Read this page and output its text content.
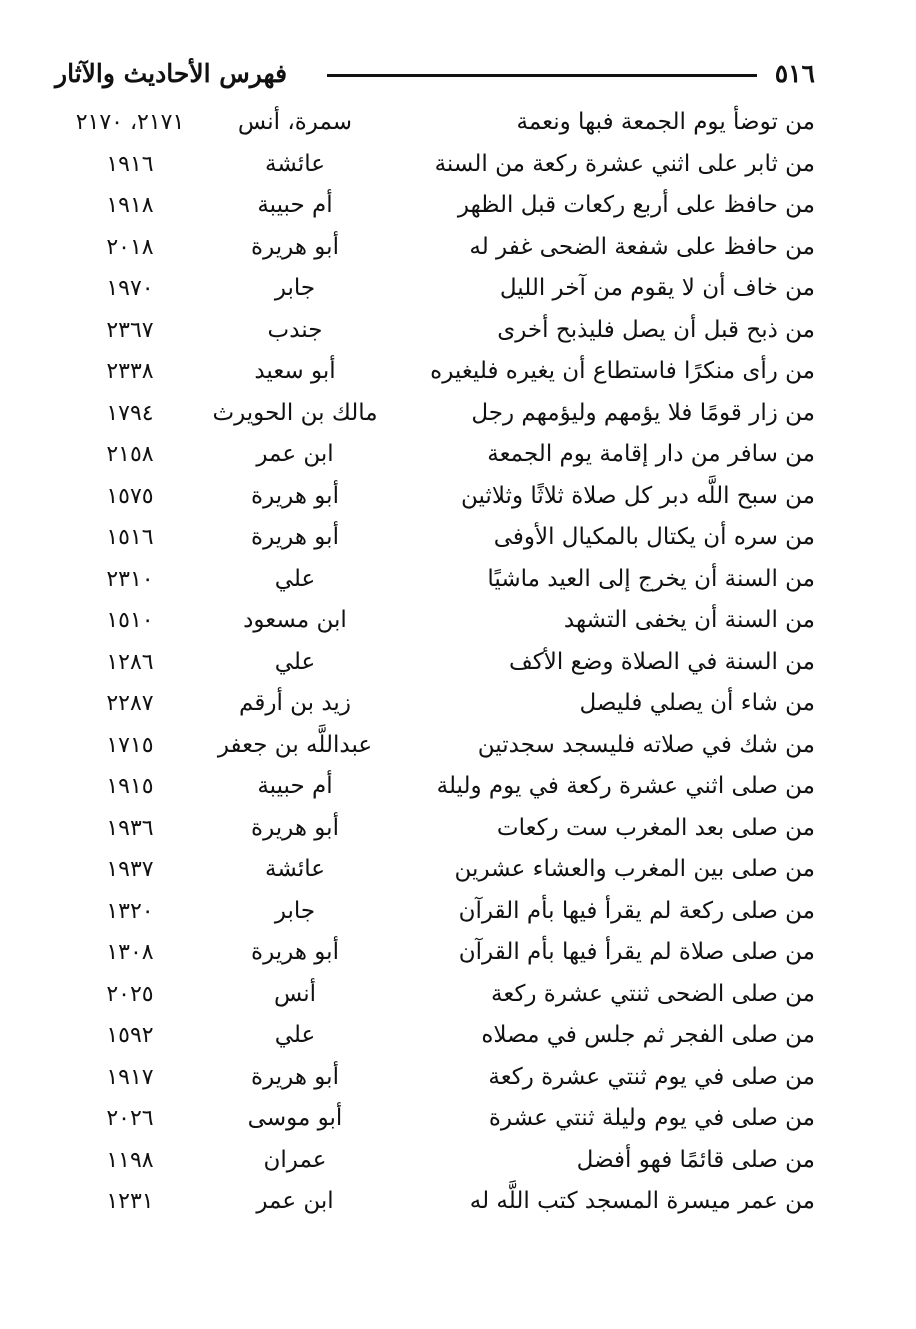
٥١٦
فهرس الأحاديث والآثار
من توضأ يوم الجمعة فبها ونعمة
سمرة، أنس
٢١٧١، ٢١٧٠
من ثابر على اثني عشرة ركعة من السنة
عائشة
١٩١٦
من حافظ على أربع ركعات قبل الظهر
أم حبيبة
١٩١٨
من حافظ على شفعة الضحى غفر له
أبو هريرة
٢٠١٨
من خاف أن لا يقوم من آخر الليل
جابر
١٩٧٠
من ذبح قبل أن يصل فليذبح أخرى
جندب
٢٣٦٧
من رأى منكرًا فاستطاع أن يغيره فليغيره
أبو سعيد
٢٣٣٨
من زار قومًا فلا يؤمهم وليؤمهم رجل
مالك بن الحويرث
١٧٩٤
من سافر من دار إقامة يوم الجمعة
ابن عمر
٢١٥٨
من سبح اللَّه دبر كل صلاة ثلاثًا وثلاثين
أبو هريرة
١٥٧٥
من سره أن يكتال بالمكيال الأوفى
أبو هريرة
١٥١٦
من السنة أن يخرج إلى العيد ماشيًا
علي
٢٣١٠
من السنة أن يخفى التشهد
ابن مسعود
١٥١٠
من السنة في الصلاة وضع الأكف
علي
١٢٨٦
من شاء أن يصلي فليصل
زيد بن أرقم
٢٢٨٧
من شك في صلاته فليسجد سجدتين
عبداللَّه بن جعفر
١٧١٥
من صلى اثني عشرة ركعة في يوم وليلة
أم حبيبة
١٩١٥
من صلى بعد المغرب ست ركعات
أبو هريرة
١٩٣٦
من صلى بين المغرب والعشاء عشرين
عائشة
١٩٣٧
من صلى ركعة لم يقرأ فيها بأم القرآن
جابر
١٣٢٠
من صلى صلاة لم يقرأ فيها بأم القرآن
أبو هريرة
١٣٠٨
من صلى الضحى ثنتي عشرة ركعة
أنس
٢٠٢٥
من صلى الفجر ثم جلس في مصلاه
علي
١٥٩٢
من صلى في يوم ثنتي عشرة ركعة
أبو هريرة
١٩١٧
من صلى في يوم وليلة ثنتي عشرة
أبو موسى
٢٠٢٦
من صلى قائمًا فهو أفضل
عمران
١١٩٨
من عمر ميسرة المسجد كتب اللَّه له
ابن عمر
١٢٣١
